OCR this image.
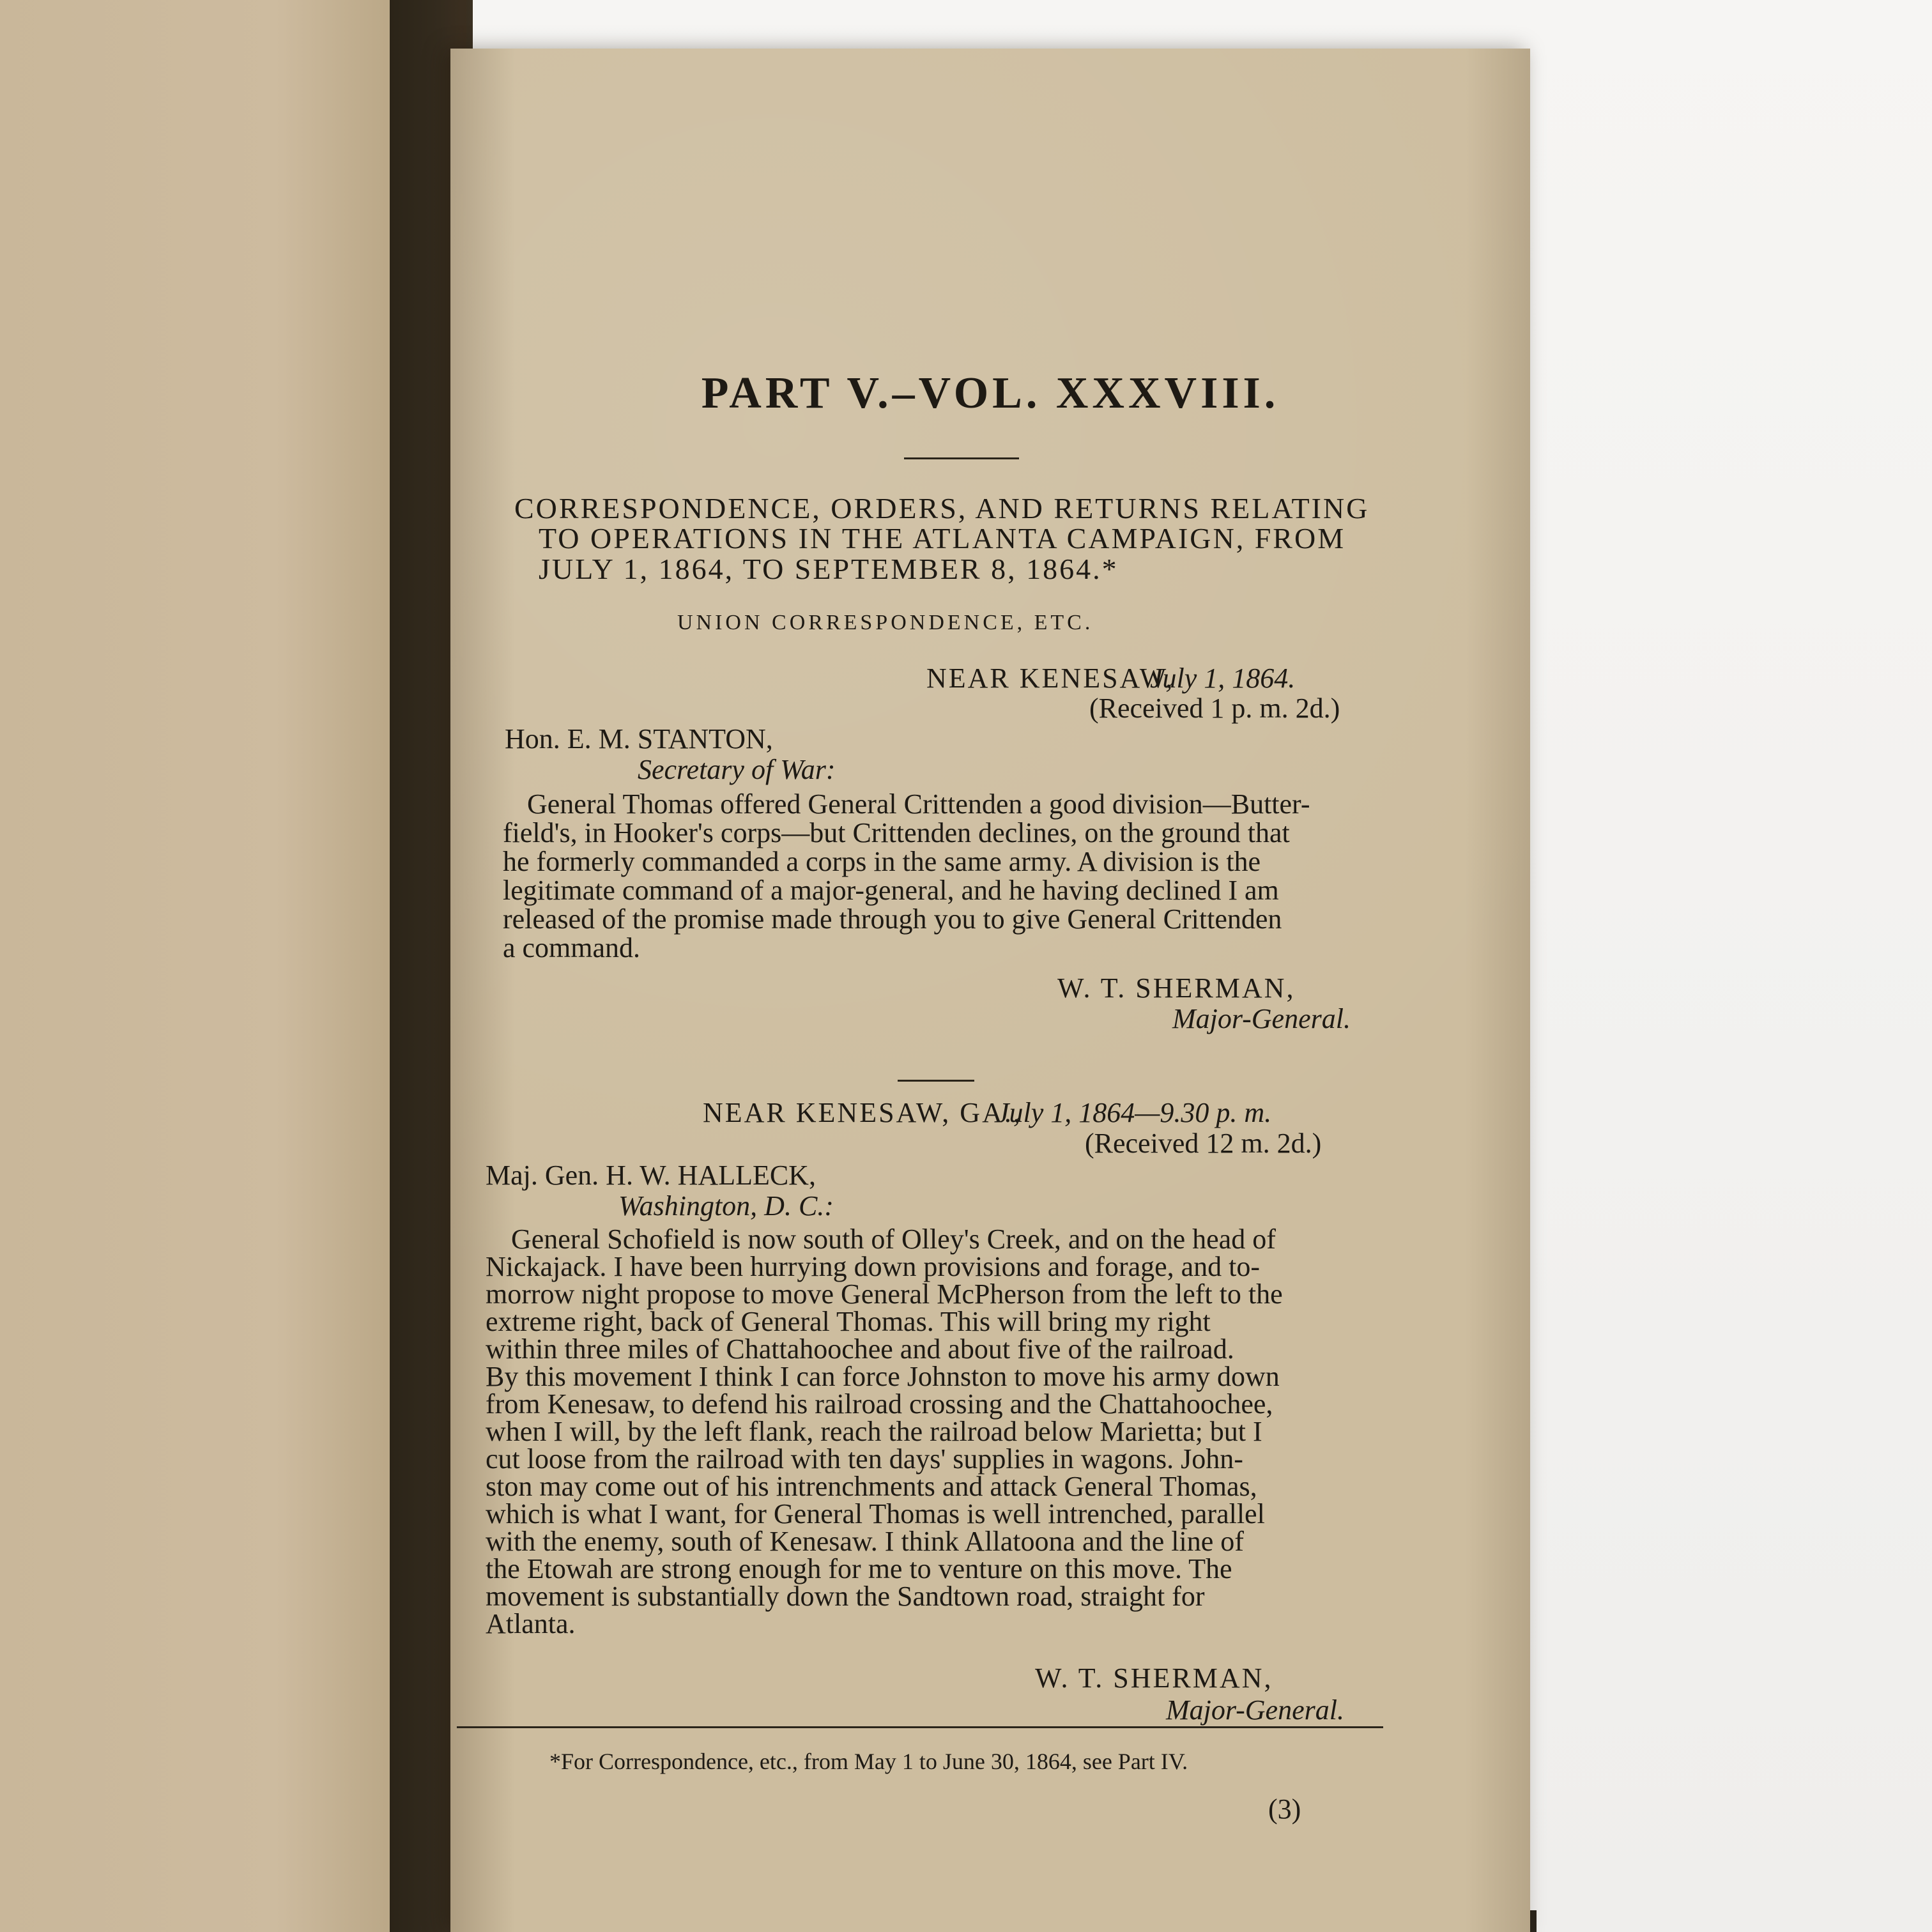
PART V.–VOL. XXXVIII.
CORRESPONDENCE, ORDERS, AND RETURNS RELATING
TO OPERATIONS IN THE ATLANTA CAMPAIGN, FROM
JULY 1, 1864, TO SEPTEMBER 8, 1864.*
UNION CORRESPONDENCE, ETC.
NEAR KENESAW,
July 1, 1864.
(Received 1 p. m. 2d.)
Hon. E. M. STANTON,
Secretary of War:
General Thomas offered General Crittenden a good division—Butter-
field's, in Hooker's corps—but Crittenden declines, on the ground that
he formerly commanded a corps in the same army. A division is the
legitimate command of a major-general, and he having declined I am
released of the promise made through you to give General Crittenden
a command.
W. T. SHERMAN,
Major-General.
NEAR KENESAW, GA.,
July 1, 1864—9.30 p. m.
(Received 12 m. 2d.)
Maj. Gen. H. W. HALLECK,
Washington, D. C.:
General Schofield is now south of Olley's Creek, and on the head of
Nickajack. I have been hurrying down provisions and forage, and to-
morrow night propose to move General McPherson from the left to the
extreme right, back of General Thomas. This will bring my right
within three miles of Chattahoochee and about five of the railroad.
By this movement I think I can force Johnston to move his army down
from Kenesaw, to defend his railroad crossing and the Chattahoochee,
when I will, by the left flank, reach the railroad below Marietta; but I
cut loose from the railroad with ten days' supplies in wagons. John-
ston may come out of his intrenchments and attack General Thomas,
which is what I want, for General Thomas is well intrenched, parallel
with the enemy, south of Kenesaw. I think Allatoona and the line of
the Etowah are strong enough for me to venture on this move. The
movement is substantially down the Sandtown road, straight for
Atlanta.
W. T. SHERMAN,
Major-General.
*For Correspondence, etc., from May 1 to June 30, 1864, see Part IV.
(3)
